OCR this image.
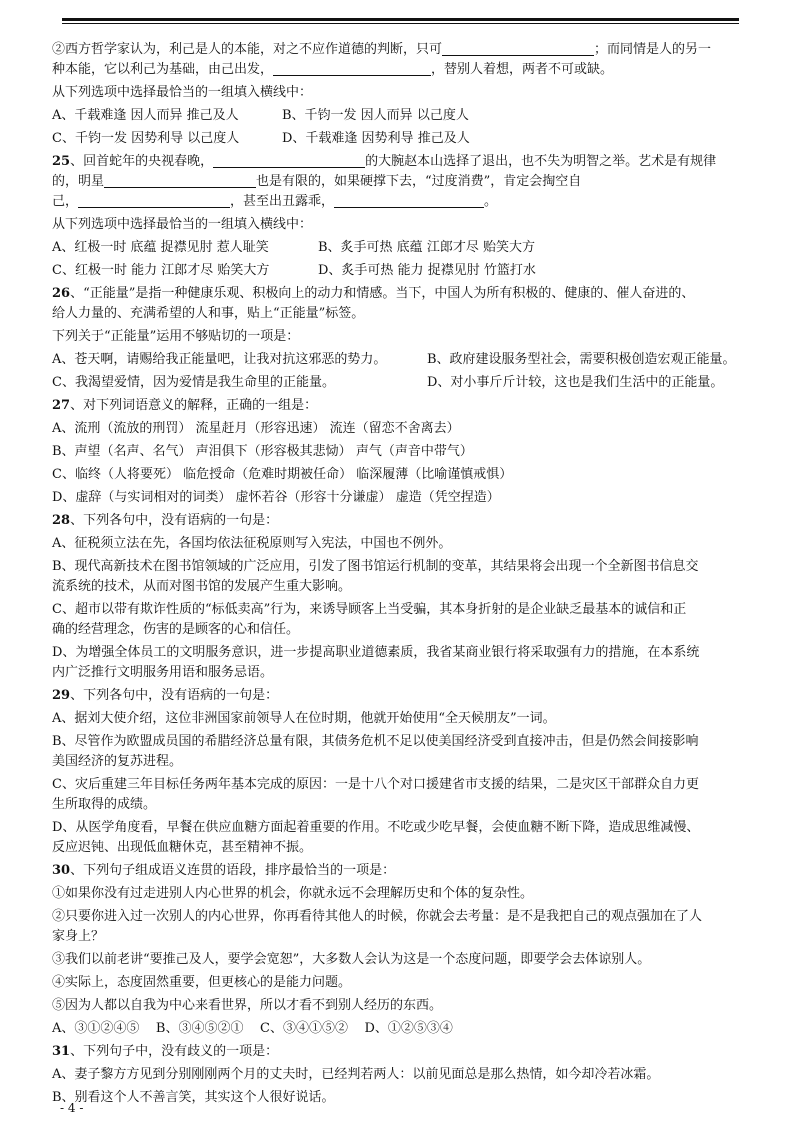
②西方哲学家认为，利己是人的本能，对之不应作道德的判断，只可	；而同情是人的另一
种本能，它以利己为基础，由己出发，	，替别人着想，两者不可或缺。
从下列选项中选择最恰当的一组填入横线中：
A、千载难逢 因人而异 推己及人	B、千钧一发 因人而异 以己度人
C、千钧一发 因势利导 以己度人	D、千载难逢 因势利导 推己及人
25、回首蛇年的央视春晚，	的大腕赵本山选择了退出，也不失为明智之举。艺术是有规律
的，明星	也是有限的，如果硬撑下去，“过度消费”，肯定会掏空自
己，	，甚至出丑露乖，	。
从下列选项中选择最恰当的一组填入横线中：
A、红极一时 底蕴 捉襟见肘 惹人耻笑	B、炙手可热 底蕴 江郎才尽 贻笑大方
C、红极一时 能力 江郎才尽 贻笑大方	D、炙手可热 能力 捉襟见肘 竹篮打水
26、“正能量”是指一种健康乐观、积极向上的动力和情感。当下，中国人为所有积极的、健康的、催人奋进的、
给人力量的、充满希望的人和事，贴上“正能量”标签。
下列关于“正能量”运用不够贴切的一项是：
A、苍天啊，请赐给我正能量吧，让我对抗这邪恶的势力。	B、政府建设服务型社会，需要积极创造宏观正能量。
C、我渴望爱情，因为爱情是我生命里的正能量。	D、对小事斤斤计较，这也是我们生活中的正能量。
27、对下列词语意义的解释，正确的一组是：
A、流刑（流放的刑罚） 流星赶月（形容迅速） 流连（留恋不舍离去）
B、声望（名声、名气） 声泪俱下（形容极其悲恸） 声气（声音中带气）
C、临终（人将要死） 临危授命（危难时期被任命） 临深履薄（比喻谨慎戒惧）
D、虚辞（与实词相对的词类） 虚怀若谷（形容十分谦虚） 虚造（凭空捏造）
28、下列各句中，没有语病的一句是：
A、征税须立法在先，各国均依法征税原则写入宪法，中国也不例外。
B、现代高新技术在图书馆领域的广泛应用，引发了图书馆运行机制的变革，其结果将会出现一个全新图书信息交
流系统的技术，从而对图书馆的发展产生重大影响。
C、超市以带有欺诈性质的“标低卖高”行为，来诱导顾客上当受骗，其本身折射的是企业缺乏最基本的诚信和正
确的经营理念，伤害的是顾客的心和信任。
D、为增强全体员工的文明服务意识，进一步提高职业道德素质，我省某商业银行将采取强有力的措施，在本系统
内广泛推行文明服务用语和服务忌语。
29、下列各句中，没有语病的一句是：
A、据刘大使介绍，这位非洲国家前领导人在位时期，他就开始使用“全天候朋友”一词。
B、尽管作为欧盟成员国的希腊经济总量有限，其债务危机不足以使美国经济受到直接冲击，但是仍然会间接影响
美国经济的复苏进程。
C、灾后重建三年目标任务两年基本完成的原因：一是十八个对口援建省市支援的结果，二是灾区干部群众自力更
生所取得的成绩。
D、从医学角度看，早餐在供应血糖方面起着重要的作用。不吃或少吃早餐，会使血糖不断下降，造成思维减慢、
反应迟钝、出现低血糖休克，甚至精神不振。
30、下列句子组成语义连贯的语段，排序最恰当的一项是：
①如果你没有过走进别人内心世界的机会，你就永远不会理解历史和个体的复杂性。
②只要你进入过一次别人的内心世界，你再看待其他人的时候，你就会去考量：是不是我把自己的观点强加在了人
家身上？
③我们以前老讲“要推己及人，要学会宽恕”，大多数人会认为这是一个态度问题，即要学会去体谅别人。
④实际上，态度固然重要，但更核心的是能力问题。
⑤因为人都以自我为中心来看世界，所以才看不到别人经历的东西。
A、③①②④⑤    B、③④⑤②①    C、③④①⑤②    D、①②⑤③④
31、下列句子中，没有歧义的一项是：
A、妻子黎方方见到分别刚刚两个月的丈夫时，已经判若两人：以前见面总是那么热情，如今却冷若冰霜。
B、别看这个人不善言笑，其实这个人很好说话。
- 4 -
